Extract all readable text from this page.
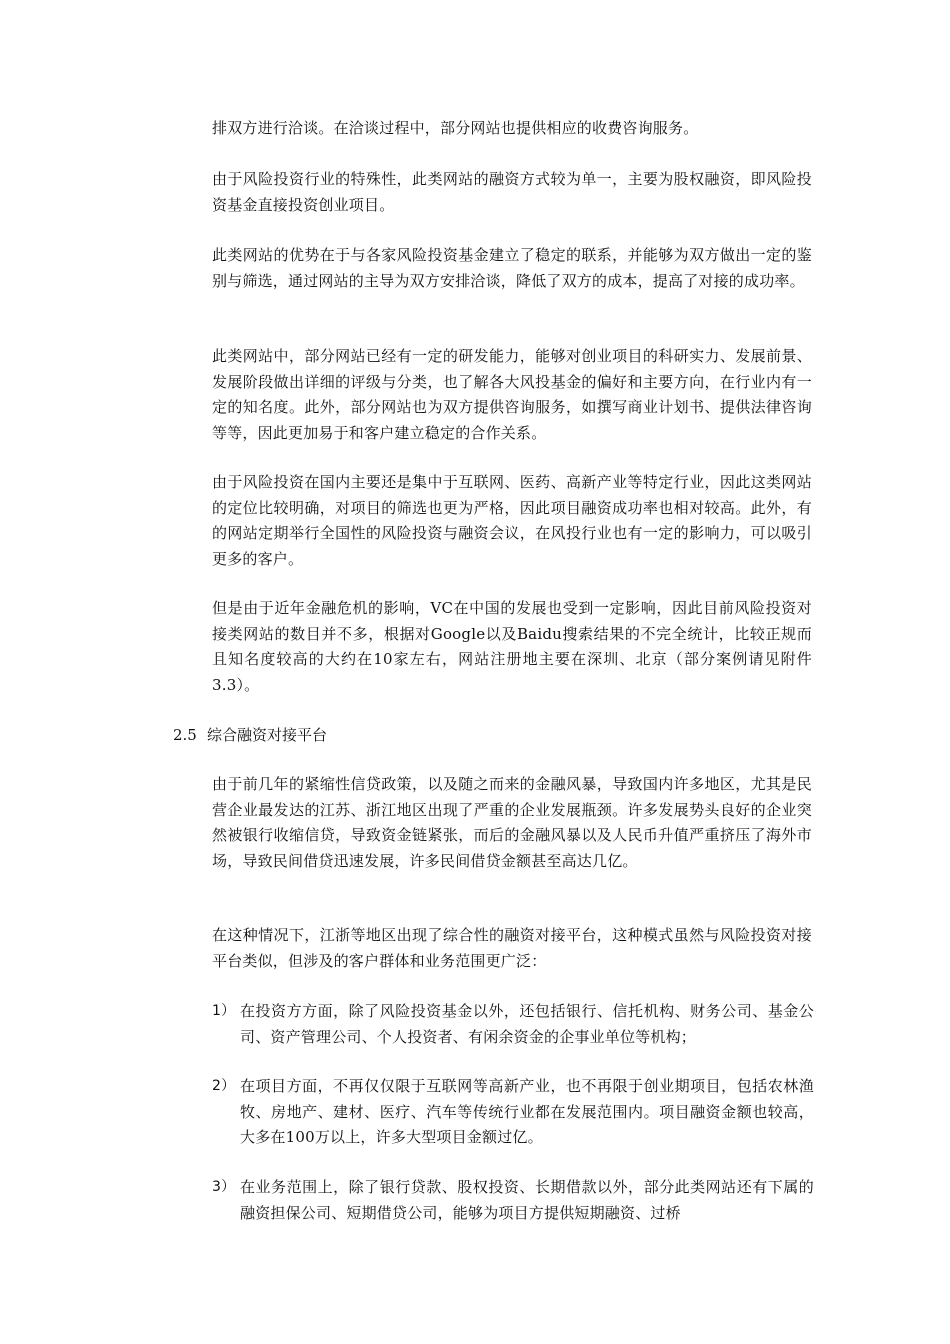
排双方进行洽谈。在洽谈过程中，部分网站也提供相应的收费咨询服务。

由于风险投资行业的特殊性，此类网站的融资方式较为单一，主要为股权融资，即风险投资基金直接投资创业项目。

此类网站的优势在于与各家风险投资基金建立了稳定的联系，并能够为双方做出一定的鉴别与筛选，通过网站的主导为双方安排洽谈，降低了双方的成本，提高了对接的成功率。

此类网站中，部分网站已经有一定的研发能力，能够对创业项目的科研实力、发展前景、发展阶段做出详细的评级与分类，也了解各大风投基金的偏好和主要方向，在行业内有一定的知名度。此外，部分网站也为双方提供咨询服务，如撰写商业计划书、提供法律咨询等等，因此更加易于和客户建立稳定的合作关系。

由于风险投资在国内主要还是集中于互联网、医药、高新产业等特定行业，因此这类网站的定位比较明确，对项目的筛选也更为严格，因此项目融资成功率也相对较高。此外，有的网站定期举行全国性的风险投资与融资会议，在风投行业也有一定的影响力，可以吸引更多的客户。

但是由于近年金融危机的影响，VC在中国的发展也受到一定影响，因此目前风险投资对接类网站的数目并不多，根据对Google以及Baidu搜索结果的不完全统计，比较正规而且知名度较高的大约在10家左右，网站注册地主要在深圳、北京（部分案例请见附件3.3）。

2.5 综合融资对接平台

由于前几年的紧缩性信贷政策，以及随之而来的金融风暴，导致国内许多地区，尤其是民营企业最发达的江苏、浙江地区出现了严重的企业发展瓶颈。许多发展势头良好的企业突然被银行收缩信贷，导致资金链紧张，而后的金融风暴以及人民币升值严重挤压了海外市场，导致民间借贷迅速发展，许多民间借贷金额甚至高达几亿。

在这种情况下，江浙等地区出现了综合性的融资对接平台，这种模式虽然与风险投资对接平台类似，但涉及的客户群体和业务范围更广泛：

1） 在投资方方面，除了风险投资基金以外，还包括银行、信托机构、财务公司、基金公司、资产管理公司、个人投资者、有闲余资金的企事业单位等机构；
2） 在项目方面，不再仅仅限于互联网等高新产业，也不再限于创业期项目，包括农林渔牧、房地产、建材、医疗、汽车等传统行业都在发展范围内。项目融资金额也较高，大多在100万以上，许多大型项目金额过亿。
3） 在业务范围上，除了银行贷款、股权投资、长期借款以外，部分此类网站还有下属的融资担保公司、短期借贷公司，能够为项目方提供短期融资、过桥
